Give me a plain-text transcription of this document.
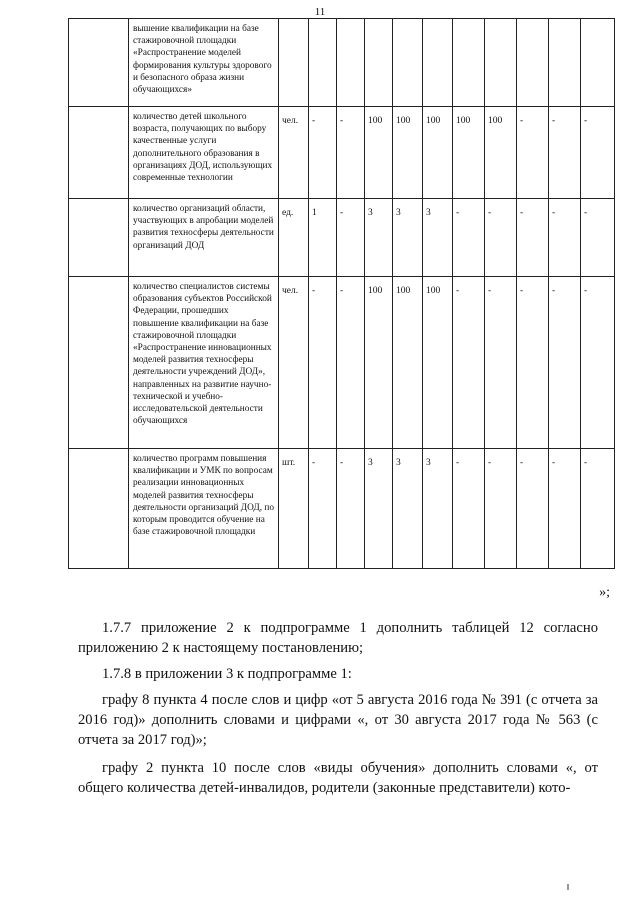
11
	вышение квалификации на базе стажировочной площадки «Распространение моделей формирования культуры здорового и безопасного образа жизни обучающихся»											
	количество детей школьного возраста, получающих по выбору качественные услуги дополнительного образования в организациях ДОД, использующих современные технологии	чел.	-	-	100	100	100	100	100	-	-	-
	количество организаций области, участвующих в апробации моделей развития техносферы деятельности организаций ДОД	ед.	1	-	3	3	3	-	-	-	-	-
	количество специалистов системы образования субъектов Российской Федерации, прошедших повышение квалификации на базе стажировочной площадки «Распространение инновационных моделей развития техносферы деятельности учреждений ДОД», направленных на развитие научно-технической и учебно-исследовательской деятельности обучающихся	чел.	-	-	100	100	100	-	-	-	-	-
	количество программ повышения квалификации и УМК по вопросам реализации инновационных моделей развития техносферы деятельности организаций ДОД, по которым проводится обучение на базе стажировочной площадки	шт.	-	-	3	3	3	-	-	-	-	-
»;
1.7.7 приложение 2 к подпрограмме 1 дополнить таблицей 12 согласно приложению 2 к настоящему постановлению;
1.7.8 в приложении 3 к подпрограмме 1:
графу 8 пункта 4 после слов и цифр «от 5 августа 2016 года № 391 (с отчета за 2016 год)» дополнить словами и цифрами «, от 30 августа 2017 года № 563 (с отчета за 2017 год)»;
графу 2 пункта 10 после слов «виды обучения» дополнить словами «, от общего количества детей-инвалидов, родители (законные представители) кото-
